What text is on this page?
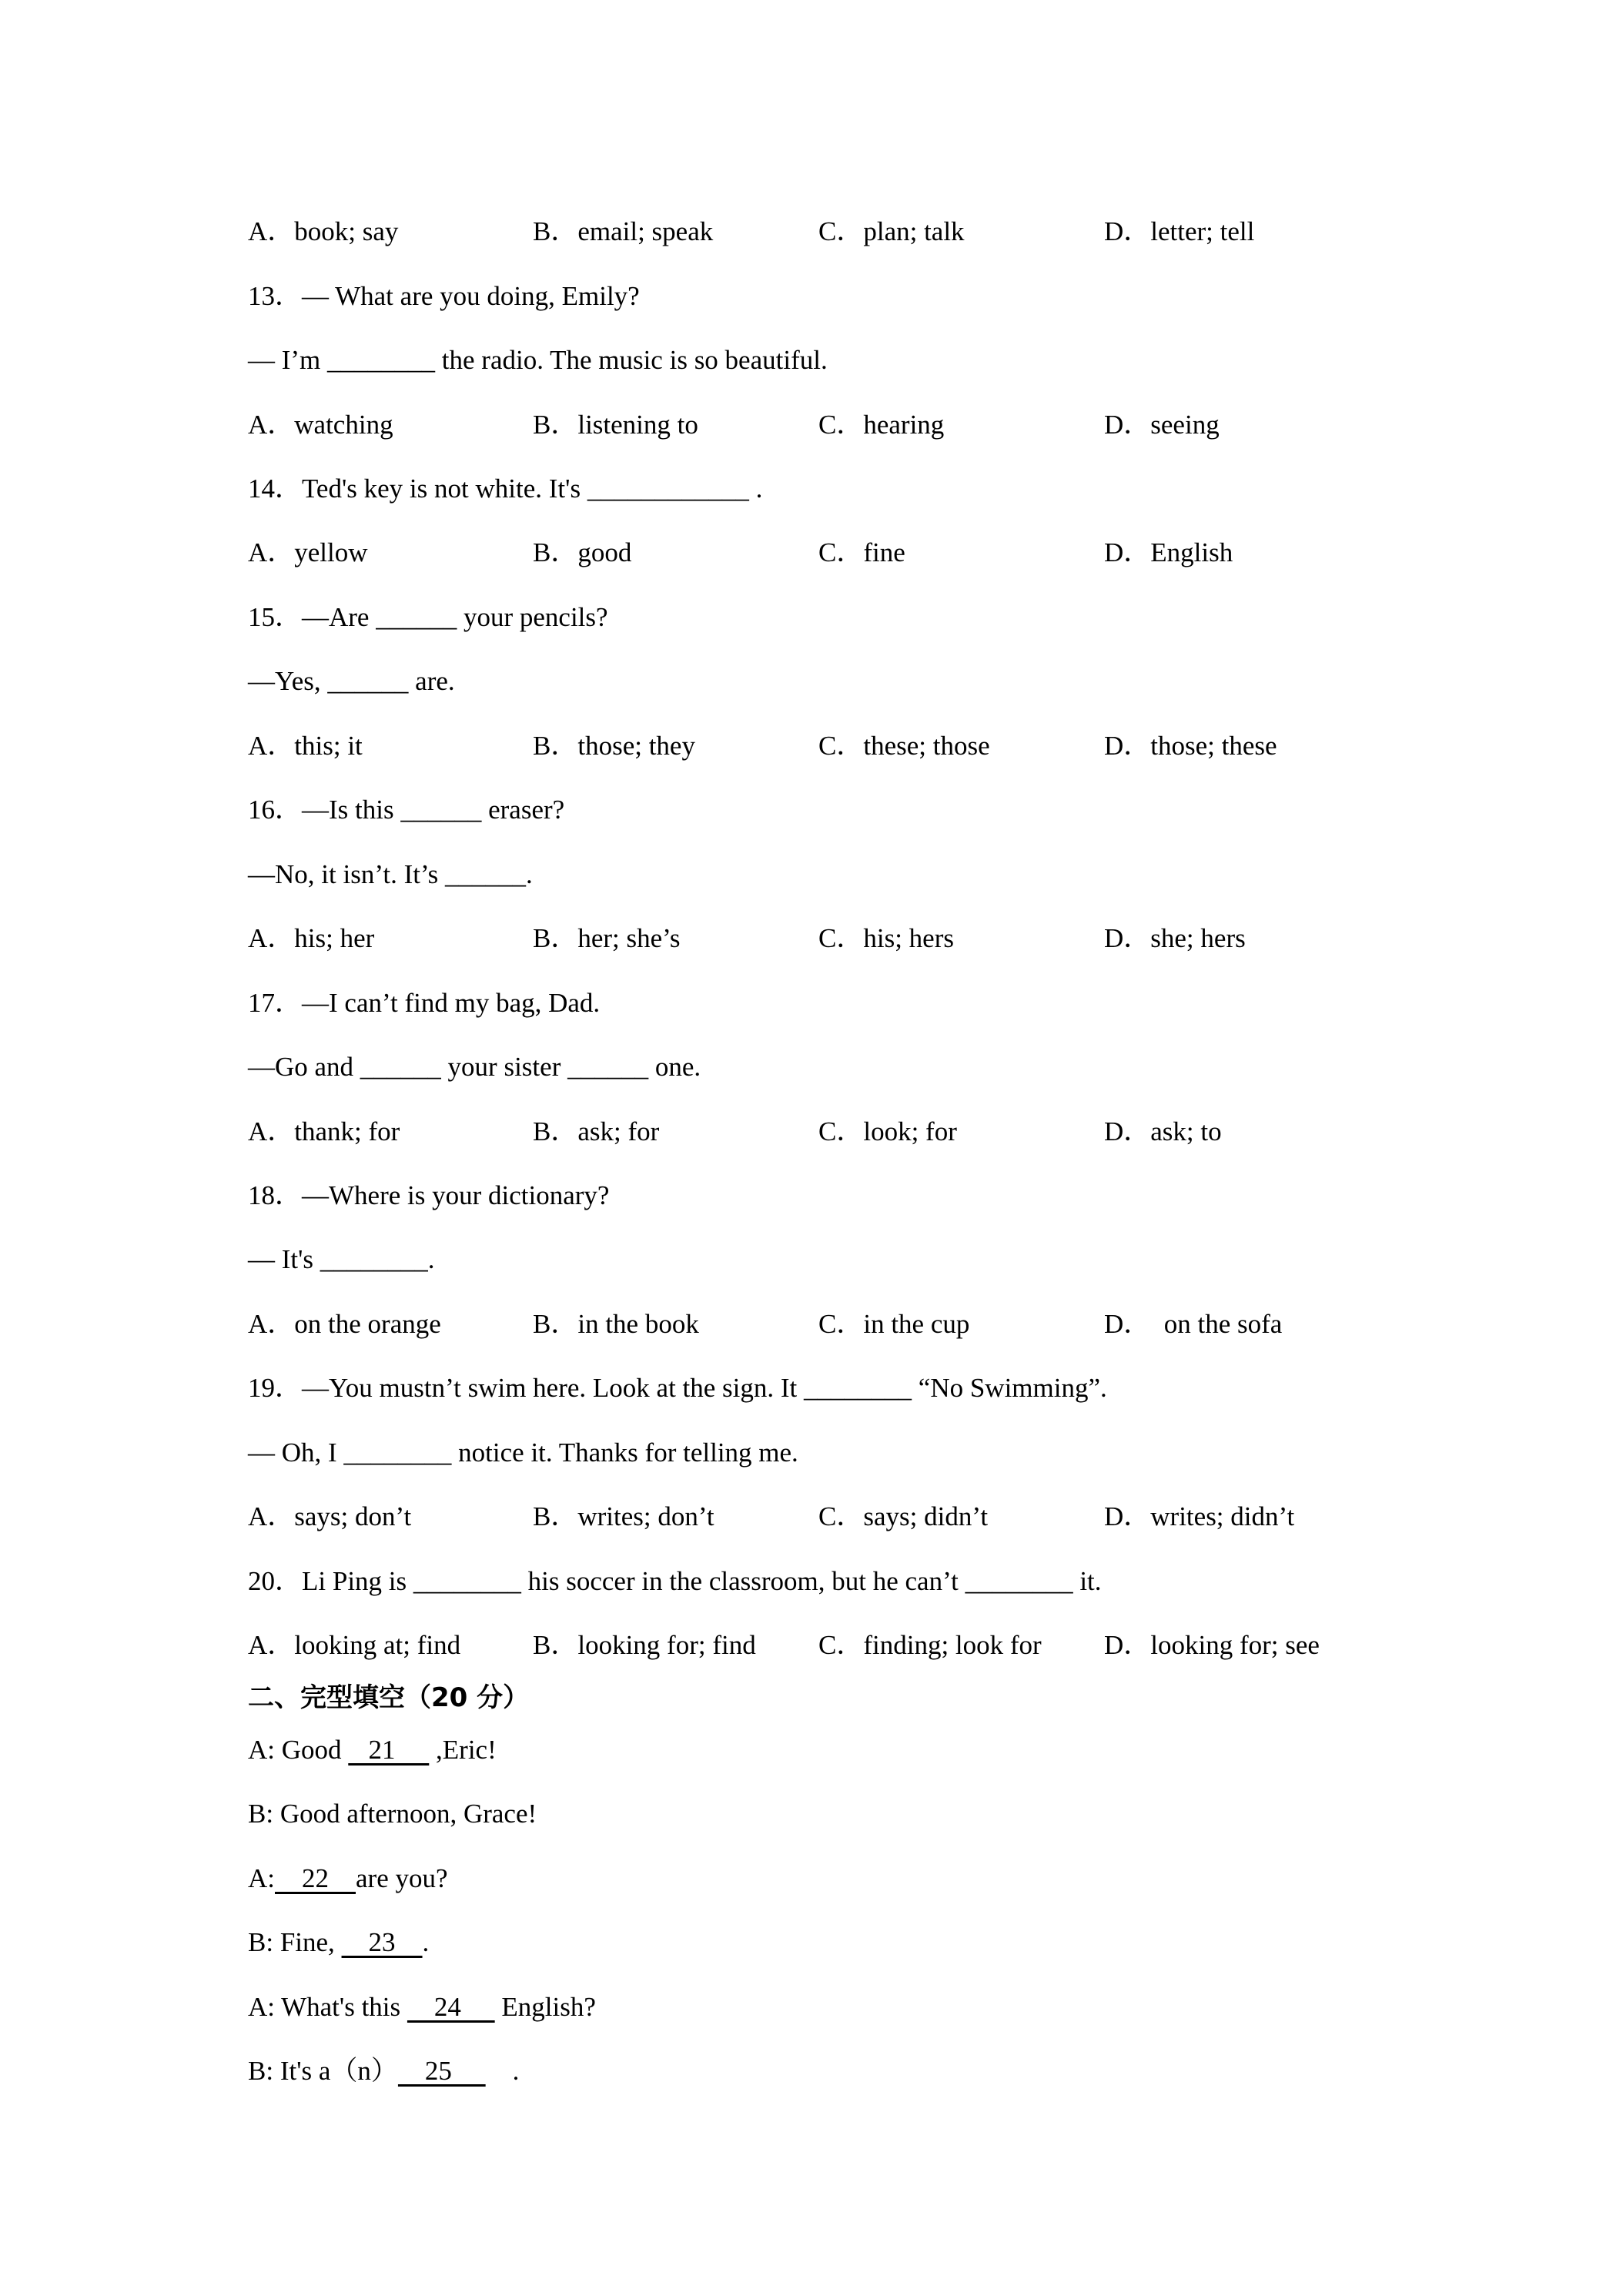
A．book; say	B．email; speak	C．plan; talk	D．letter; tell
13．— What are you doing, Emily?
— I’m ________ the radio. The music is so beautiful.
A．watching	B．listening to	C．hearing	D．seeing
14．Ted's key is not white. It's ____________ .
A．yellow	B．good	C．fine	D．English
15．—Are ______ your pencils?
—Yes, ______ are.
A．this; it	B．those; they	C．these; those	D．those; these
16．—Is this ______ eraser?
—No, it isn’t. It’s ______.
A．his; her	B．her; she’s	C．his; hers	D．she; hers
17．—I can’t find my bag, Dad.
—Go and ______ your sister ______ one.
A．thank; for	B．ask; for	C．look; for	D．ask; to
18．—Where is your dictionary?
— It's ________.
A．on the orange	B．in the book	C．in the cup	D．  on the sofa
19．—You mustn’t swim here. Look at the sign. It ________ “No Swimming”.
— Oh, I ________ notice it. Thanks for telling me.
A．says; don’t	B．writes; don’t	C．says; didn’t	D．writes; didn’t
20．Li Ping is ________ his soccer in the classroom, but he can’t ________ it.
A．looking at; find	B．looking for; find C．finding; look for D．looking for; see
二、完型填空（20 分）
A: Good    21      ,Eric!
B: Good afternoon, Grace!
A:    22    are you?
B: Fine,     23    .
A: What's this     24      English?
B: It's a（n）    25         .
